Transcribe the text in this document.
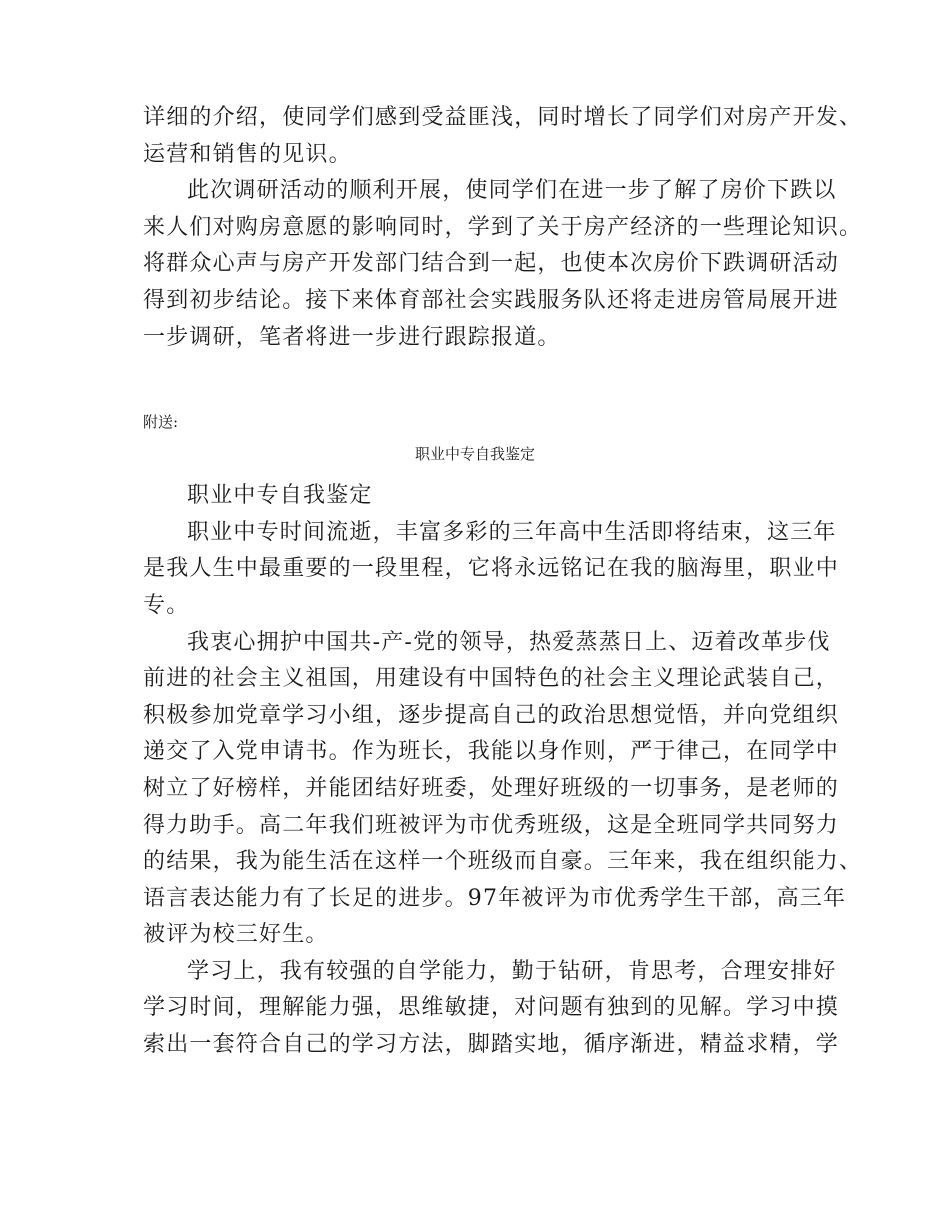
详细的介绍，使同学们感到受益匪浅，同时增长了同学们对房产开发、
运营和销售的见识。
此次调研活动的顺利开展，使同学们在进一步了解了房价下跌以
来人们对购房意愿的影响同时，学到了关于房产经济的一些理论知识。
将群众心声与房产开发部门结合到一起，也使本次房价下跌调研活动
得到初步结论。接下来体育部社会实践服务队还将走进房管局展开进
一步调研，笔者将进一步进行跟踪报道。
附送:
职业中专自我鉴定
职业中专自我鉴定
职业中专时间流逝，丰富多彩的三年高中生活即将结束，这三年
是我人生中最重要的一段里程，它将永远铭记在我的脑海里，职业中
专。
我衷心拥护中国共-产-党的领导，热爱蒸蒸日上、迈着改革步伐
前进的社会主义祖国，用建设有中国特色的社会主义理论武装自己，
积极参加党章学习小组，逐步提高自己的政治思想觉悟，并向党组织
递交了入党申请书。作为班长，我能以身作则，严于律己，在同学中
树立了好榜样，并能团结好班委，处理好班级的一切事务，是老师的
得力助手。高二年我们班被评为市优秀班级，这是全班同学共同努力
的结果，我为能生活在这样一个班级而自豪。三年来，我在组织能力、
语言表达能力有了长足的进步。97年被评为市优秀学生干部，高三年
被评为校三好生。
学习上，我有较强的自学能力，勤于钻研，肯思考，合理安排好
学习时间，理解能力强，思维敏捷，对问题有独到的见解。学习中摸
索出一套符合自己的学习方法，脚踏实地，循序渐进，精益求精，学
